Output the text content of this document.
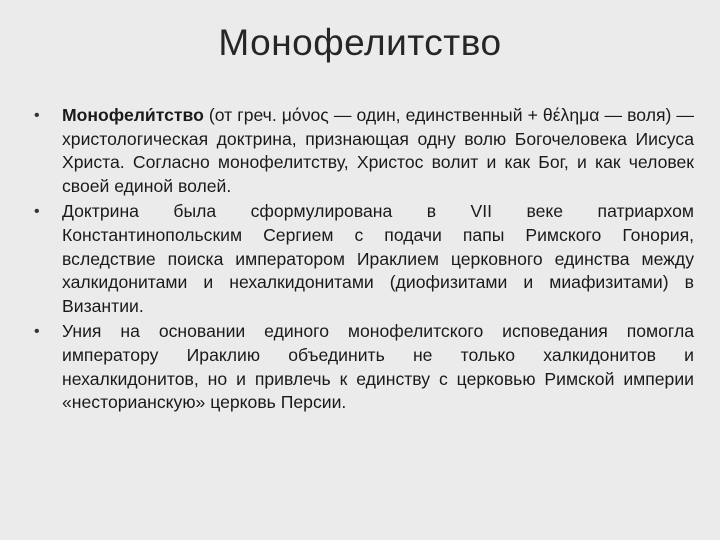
Монофелитство
•	Монофели́тство (от греч. μόνος — один, единственный + θέλημα — воля) — христологическая доктрина, признающая одну волю Богочеловека Иисуса Христа. Согласно монофелитству, Христос волит и как Бог, и как человек своей единой волей.
•	Доктрина была сформулирована в VII веке патриархом Константинопольским Сергием с подачи папы Римского Гонория, вследствие поиска императором Ираклием церковного единства между халкидонитами и нехалкидонитами (диофизитами и миафизитами) в Византии.
•	Уния на основании единого монофелитского исповедания помогла императору Ираклию объединить не только халкидонитов и нехалкидонитов, но и привлечь к единству с церковью Римской империи «несторианскую» церковь Персии.
